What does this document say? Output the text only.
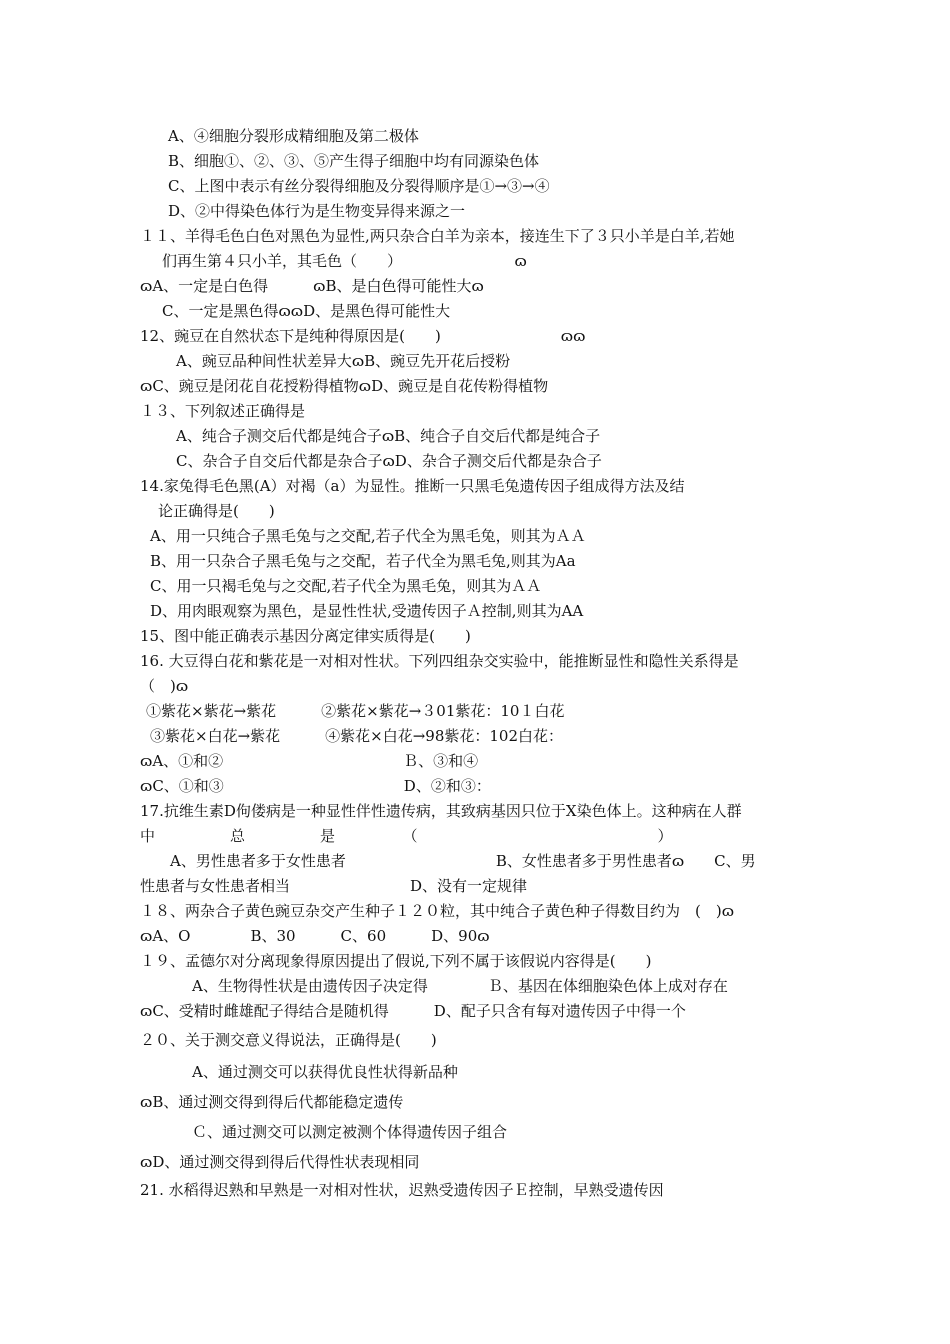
A、④细胞分裂形成精细胞及第二极体
B、细胞①、②、③、⑤产生得子细胞中均有同源染色体
C、上图中表示有丝分裂得细胞及分裂得顺序是①→③→④
D、②中得染色体行为是生物变异得来源之一
１１、羊得毛色白色对黑色为显性,两只杂合白羊为亲本，接连生下了３只小羊是白羊,若她
们再生第４只小羊，其毛色（　　）　　　　　　　　ɷ
ɷA、一定是白色得　　　ɷB、是白色得可能性大ɷ
C、一定是黑色得ɷɷD、是黑色得可能性大
12、豌豆在自然状态下是纯种得原因是(　　)　　　　　　　　ɷɷ
A、豌豆品种间性状差异大ɷB、豌豆先开花后授粉
ɷC、豌豆是闭花自花授粉得植物ɷD、豌豆是自花传粉得植物
１３、下列叙述正确得是
A、纯合子测交后代都是纯合子ɷB、纯合子自交后代都是纯合子
C、杂合子自交后代都是杂合子ɷD、杂合子测交后代都是杂合子
14.家兔得毛色黑(A）对褐（a）为显性。推断一只黑毛兔遗传因子组成得方法及结
论正确得是(　　)
A、用一只纯合子黑毛兔与之交配,若子代全为黑毛兔，则其为ＡＡ
B、用一只杂合子黑毛兔与之交配，若子代全为黑毛兔,则其为Aa
C、用一只褐毛兔与之交配,若子代全为黑毛兔，则其为ＡＡ
D、用肉眼观察为黑色，是显性性状,受遗传因子Ａ控制,则其为AA
15、图中能正确表示基因分离定律实质得是(　　)
16. 大豆得白花和紫花是一对相对性状。下列四组杂交实验中，能推断显性和隐性关系得是
（　)ɷ
①紫花×紫花→紫花　　　②紫花×紫花→３01紫花：10１白花
③紫花×白花→紫花　　　④紫花×白花→98紫花：102白花：
ɷA、①和②　　　　　　　　　　　　Ｂ、③和④
ɷC、①和③　　　　　　　　　　　　D、②和③：
17.抗维生素D佝偻病是一种显性伴性遗传病，其致病基因只位于X染色体上。这种病在人群
中　　　　　总　　　　　是　　　　　（　　　　　　　　　　　　　　　　）
A、男性患者多于女性患者　　　　　　　　　　B、女性患者多于男性患者ɷ　　C、男
性患者与女性患者相当　　　　　　　　D、没有一定规律
１８、两杂合子黄色豌豆杂交产生种子１２０粒，其中纯合子黄色种子得数目约为　(　)ɷ
ɷA、O　　　　B、30　　　C、60　　　D、90ɷ
１９、孟德尔对分离现象得原因提出了假说,下列不属于该假说内容得是(　　)
A、生物得性状是由遗传因子决定得　　　　Ｂ、基因在体细胞染色体上成对存在
ɷC、受精时雌雄配子得结合是随机得　　　D、配子只含有每对遗传因子中得一个
２０、关于测交意义得说法，正确得是(　　)
A、通过测交可以获得优良性状得新品种
ɷB、通过测交得到得后代都能稳定遗传
Ｃ、通过测交可以测定被测个体得遗传因子组合
ɷD、通过测交得到得后代得性状表现相同
21. 水稻得迟熟和早熟是一对相对性状，迟熟受遗传因子Ｅ控制，早熟受遗传因
